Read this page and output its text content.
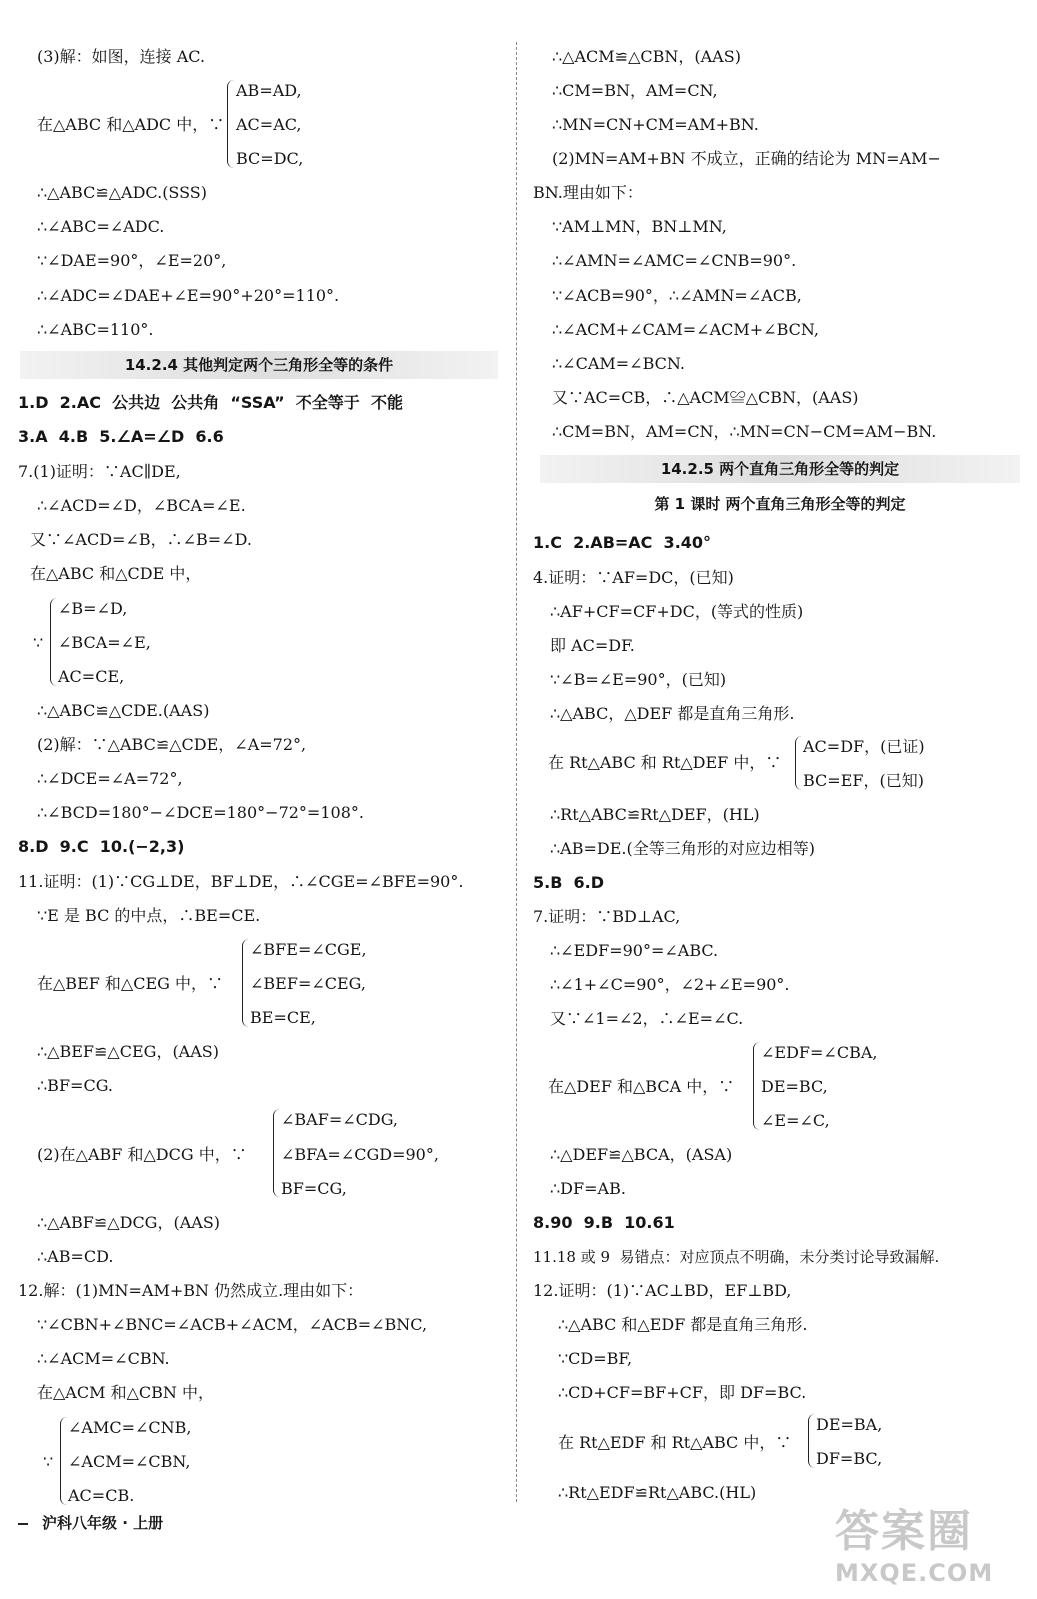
(3)解：如图，连接 AC.
在△ABC 和△ADC 中，∵
AB=AD,
AC=AC,
BC=DC,
∴△ABC≌△ADC.(SSS)
∴∠ABC=∠ADC.
∵∠DAE=90°，∠E=20°,
∴∠ADC=∠DAE+∠E=90°+20°=110°.
∴∠ABC=110°.
14.2.4 其他判定两个三角形全等的条件
1.D  2.AC  公共边  公共角  “SSA”  不全等于  不能
3.A  4.B  5.∠A=∠D  6.6
7.(1)证明：∵AC∥DE,
∴∠ACD=∠D，∠BCA=∠E.
又∵∠ACD=∠B，∴∠B=∠D.
在△ABC 和△CDE 中，
∠B=∠D,
∵ ∠BCA=∠E,
AC=CE,
∴△ABC≌△CDE.(AAS)
(2)解：∵△ABC≌△CDE，∠A=72°,
∴∠DCE=∠A=72°,
∴∠BCD=180°−∠DCE=180°−72°=108°.
8.D  9.C  10.(−2,3)
11.证明：(1)∵CG⊥DE，BF⊥DE，∴∠CGE=∠BFE=90°.
∵E 是 BC 的中点，∴BE=CE.
∠BFE=∠CGE,
在△BEF 和△CEG 中，∵ ∠BEF=∠CEG,
BE=CE,
∴△BEF≌△CEG，(AAS)
∴BF=CG.
∠BAF=∠CDG,
(2)在△ABF 和△DCG 中，∵ ∠BFA=∠CGD=90°,
BF=CG,
∴△ABF≌△DCG，(AAS)
∴AB=CD.
12.解：(1)MN=AM+BN 仍然成立.理由如下：
∵∠CBN+∠BNC=∠ACB+∠ACM，∠ACB=∠BNC,
∴∠ACM=∠CBN.
在△ACM 和△CBN 中，
∠AMC=∠CNB,
∵ ∠ACM=∠CBN,
AC=CB.
∴△ACM≌△CBN，(AAS)
∴CM=BN，AM=CN,
∴MN=CN+CM=AM+BN.
(2)MN=AM+BN 不成立，正确的结论为 MN=AM−
BN.理由如下：
∵AM⊥MN，BN⊥MN,
∴∠AMN=∠AMC=∠CNB=90°.
∵∠ACB=90°，∴∠AMN=∠ACB,
∴∠ACM+∠CAM=∠ACM+∠BCN,
∴∠CAM=∠BCN.
又∵AC=CB，∴△ACM≌△CBN，(AAS)
∴CM=BN，AM=CN，∴MN=CN−CM=AM−BN.
14.2.5 两个直角三角形全等的判定
第 1 课时 两个直角三角形全等的判定
1.C  2.AB=AC  3.40°
4.证明：∵AF=DC，(已知)
∴AF+CF=CF+DC，(等式的性质)
即 AC=DF.
∵∠B=∠E=90°，(已知)
∴△ABC，△DEF 都是直角三角形.
在 Rt△ABC 和 Rt△DEF 中，∵
AC=DF，(已证)
BC=EF，(已知)
∴Rt△ABC≌Rt△DEF，(HL)
∴AB=DE.(全等三角形的对应边相等)
5.B  6.D
7.证明：∵BD⊥AC,
∴∠EDF=90°=∠ABC.
∴∠1+∠C=90°，∠2+∠E=90°.
又∵∠1=∠2，∴∠E=∠C.
∠EDF=∠CBA,
在△DEF 和△BCA 中，∵ DE=BC,
∠E=∠C,
∴△DEF≌△BCA，(ASA)
∴DF=AB.
8.90  9.B  10.61
11.18 或 9  易错点：对应顶点不明确，未分类讨论导致漏解.
12.证明：(1)∵AC⊥BD，EF⊥BD,
∴△ABC 和△EDF 都是直角三角形.
∵CD=BF,
∴CD+CF=BF+CF，即 DF=BC.
DE=BA,
在 Rt△EDF 和 Rt△ABC 中，∵
DF=BC,
∴Rt△EDF≌Rt△ABC.(HL)
沪科八年级 · 上册	答案圈
MXQE.COM
